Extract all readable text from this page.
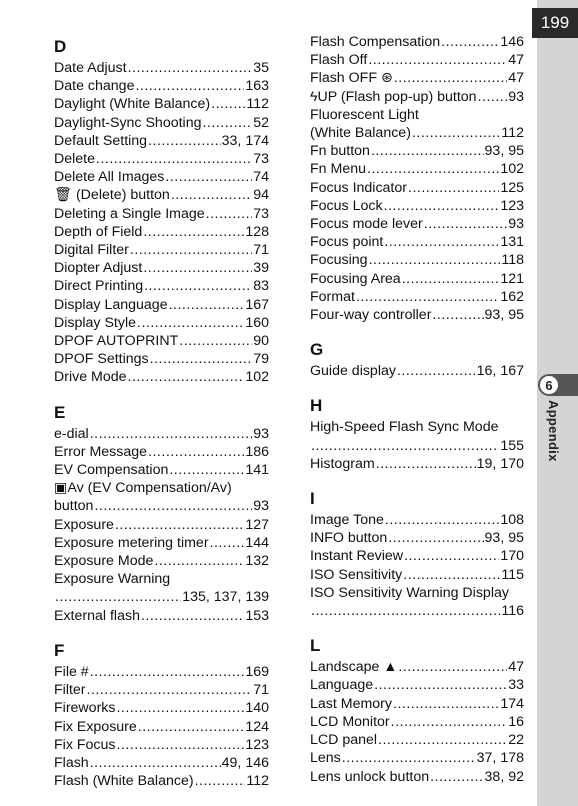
199
6
Appendix
D
Date Adjust .....	35
Date change .....	163
Daylight (White Balance) .....	112
Daylight-Sync Shooting .....	52
Default Setting .....	33, 174
Delete .....	73
Delete All Images .....	74
🗑 (Delete) button .....	94
Deleting a Single Image .....	73
Depth of Field .....	128
Digital Filter .....	71
Diopter Adjust .....	39
Direct Printing .....	83
Display Language .....	167
Display Style .....	160
DPOF AUTOPRINT .....	90
DPOF Settings .....	79
Drive Mode .....	102
E
e-dial .....	93
Error Message .....	186
EV Compensation .....	141
▣Av (EV Compensation/Av)
button .....	93
Exposure .....	127
Exposure metering timer .....	144
Exposure Mode .....	132
Exposure Warning
.....
135, 137, 139
External flash .....	153
F
File # .....	169
Filter .....	71
Fireworks .....	140
Fix Exposure .....	124
Fix Focus .....	123
Flash .....	49, 146
Flash (White Balance) .....	112
Flash Compensation .....	146
Flash Off .....	47
Flash OFF ⊛ .....	47
ϟUP (Flash pop-up) button ..... 93
Fluorescent Light
(White Balance) .....	112
Fn button .....	93, 95
Fn Menu .....	102
Focus Indicator .....	125
Focus Lock .....	123
Focus mode lever .....	93
Focus point .....	131
Focusing .....	118
Focusing Area .....	121
Format .....	162
Four-way controller .....	93, 95
G
Guide display .....	16, 167
H
High-Speed Flash Sync Mode
.....
155
Histogram .....	19, 170
I
Image Tone .....	108
INFO button .....	93, 95
Instant Review .....	170
ISO Sensitivity .....	115
ISO Sensitivity Warning Display
.....
116
L
Landscape ▲ .....	47
Language .....	33
Last Memory .....	174
LCD Monitor .....	16
LCD panel .....	22
Lens .....	37, 178
Lens unlock button .....	38, 92
